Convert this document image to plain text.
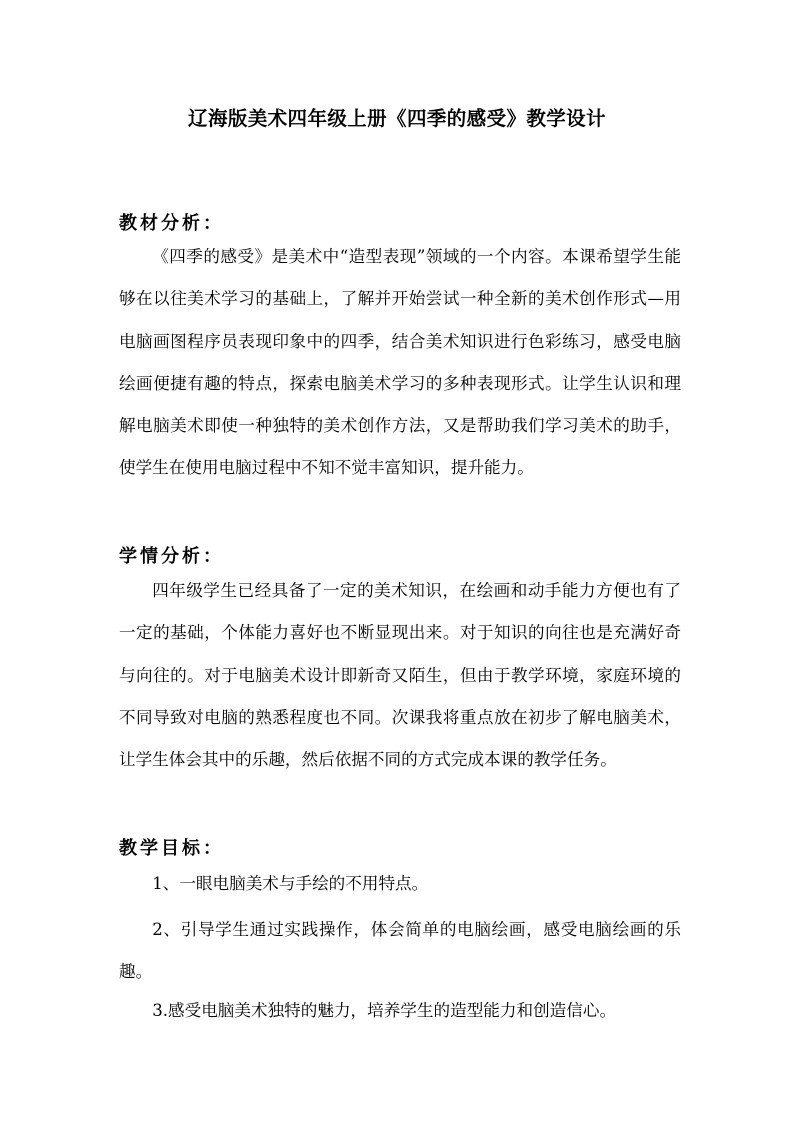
辽海版美术四年级上册《四季的感受》教学设计
教材分析：

《四季的感受》是美术中“造型表现”领域的一个内容。本课希望学生能够在以往美术学习的基础上，了解并开始尝试一种全新的美术创作形式—用电脑画图程序员表现印象中的四季，结合美术知识进行色彩练习，感受电脑绘画便捷有趣的特点，探索电脑美术学习的多种表现形式。让学生认识和理解电脑美术即使一种独特的美术创作方法，又是帮助我们学习美术的助手，使学生在使用电脑过程中不知不觉丰富知识，提升能力。

学情分析：

四年级学生已经具备了一定的美术知识，在绘画和动手能力方便也有了一定的基础，个体能力喜好也不断显现出来。对于知识的向往也是充满好奇与向往的。对于电脑美术设计即新奇又陌生，但由于教学环境，家庭环境的不同导致对电脑的熟悉程度也不同。次课我将重点放在初步了解电脑美术，让学生体会其中的乐趣，然后依据不同的方式完成本课的教学任务。

教学目标：

1、一眼电脑美术与手绘的不用特点。

2、引导学生通过实践操作，体会简单的电脑绘画，感受电脑绘画的乐趣。

3.感受电脑美术独特的魅力，培养学生的造型能力和创造信心。
